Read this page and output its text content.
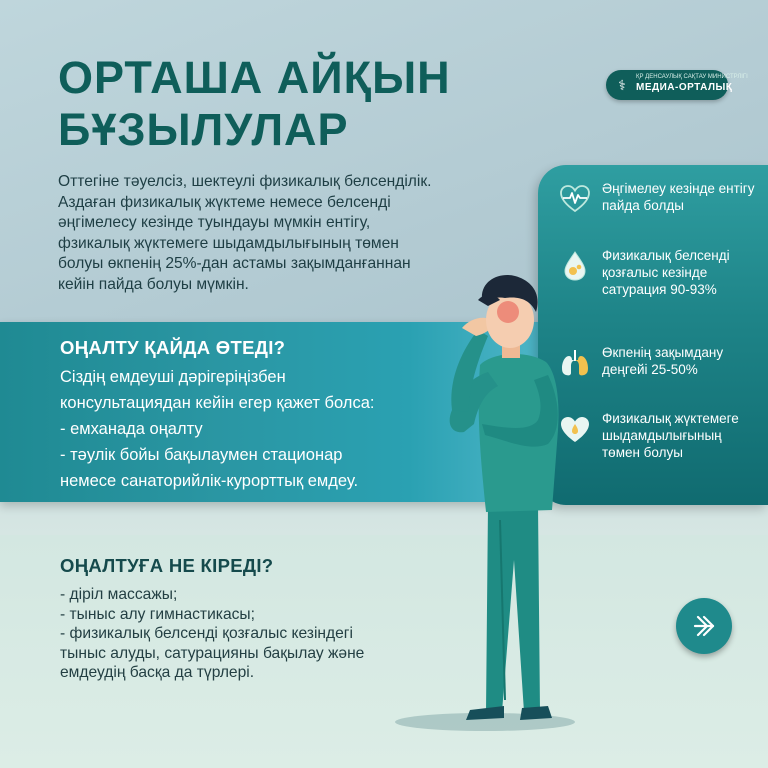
ОРТАША АЙҚЫН
БҰЗЫЛУЛАР
⚕	ҚР ДЕНСАУЛЫҚ САҚТАУ МИНИСТРЛІГІ
МЕДИА-ОРТАЛЫҚ
Оттегіне тәуелсіз, шектеулі физикалық белсенділік.
Аздаған физикалық жүктеме немесе белсенді
әңгімелесу кезінде туындауы мүмкін ентігу,
фзикалық жүктемеге шыдамдылығының төмен
болуы өкпенің 25%-дан астамы зақымданғаннан
кейін пайда болуы мүмкін.
ОҢАЛТУ ҚАЙДА ӨТЕДІ?
Сіздің емдеуші дәрігеріңізбен
консультациядан кейін егер қажет болса:
- емханада оңалту
- тәулік бойы бақылаумен стационар
немесе санаторийлік-курорттық емдеу.

Әңгімелеу кезінде ентігу пайда болды

Физикалық белсенді қозғалыс кезінде сатурация 90-93%

Өкпенің зақымдану деңгейі 25-50%

Физикалық жүктемеге шыдамдылығының төмен болуы

ОҢАЛТУҒА НЕ КІРЕДІ?
- діріл массажы;
- тыныс алу гимнастикасы;
- физикалық белсенді қозғалыс кезіндегі
тыныс алуды, сатурацияны бақылау және
емдеудің басқа да түрлері.
